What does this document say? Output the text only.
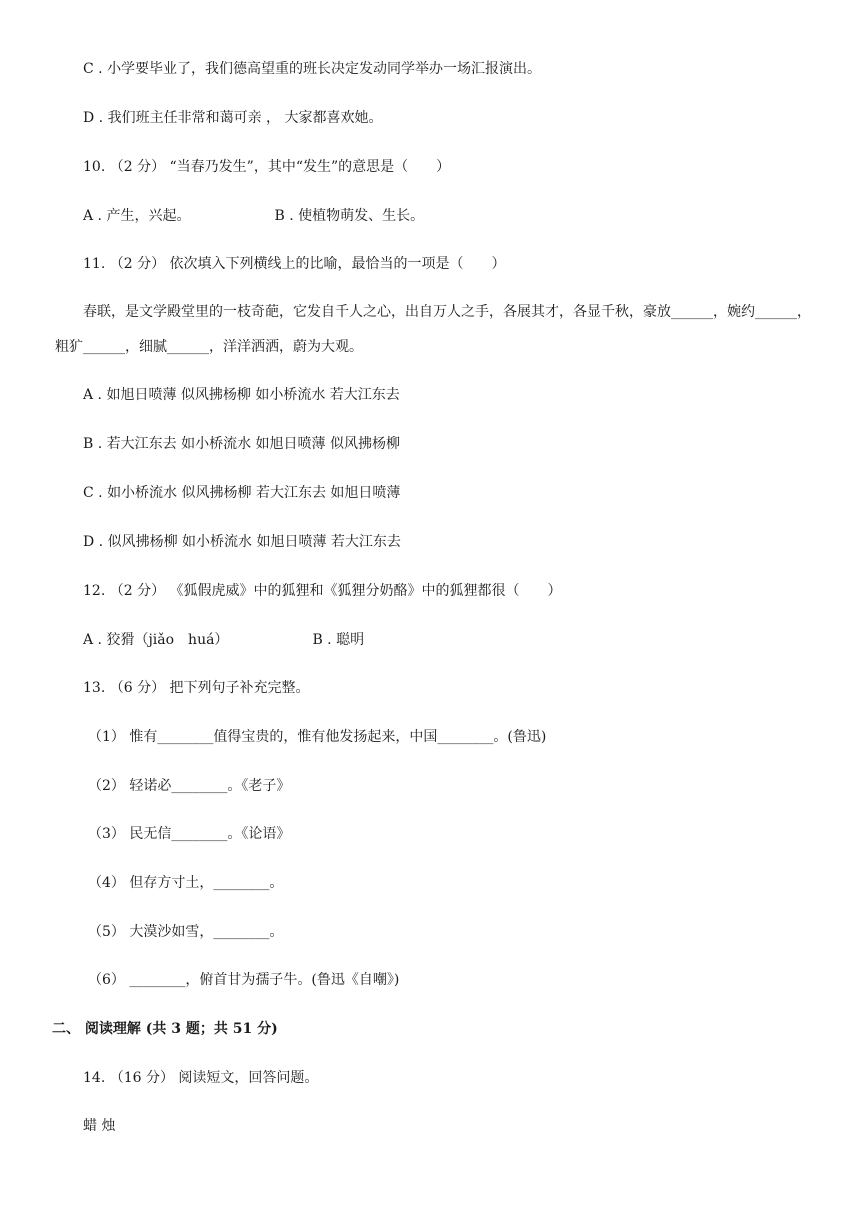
C . 小学要毕业了，我们德高望重的班长决定发动同学举办一场汇报演出。
D . 我们班主任非常和蔼可亲 ， 大家都喜欢她。
10. （2 分） “当春乃发生”，其中“发生”的意思是（　　）
A . 产生，兴起。	B . 使植物萌发、生长。
11. （2 分） 依次填入下列横线上的比喻，最恰当的一项是（　　）
春联，是文学殿堂里的一枝奇葩，它发自千人之心，出自万人之手，各展其才，各显千秋，豪放______，婉约______，粗犷______，细腻______，洋洋洒洒，蔚为大观。
A . 如旭日喷薄 似风拂杨柳 如小桥流水 若大江东去
B . 若大江东去 如小桥流水 如旭日喷薄 似风拂杨柳
C . 如小桥流水 似风拂杨柳 若大江东去 如旭日喷薄
D . 似风拂杨柳 如小桥流水 如旭日喷薄 若大江东去
12. （2 分） 《狐假虎威》中的狐狸和《狐狸分奶酪》中的狐狸都很（　　）
A . 狡猾（jiǎo　huá）	B . 聪明
13. （6 分） 把下列句子补充完整。
（1） 惟有________值得宝贵的，惟有他发扬起来，中国________。(鲁迅)
（2） 轻诺必________。《老子》
（3） 民无信________。《论语》
（4） 但存方寸土，________。
（5） 大漠沙如雪，________。
（6） ________，俯首甘为孺子牛。(鲁迅《自嘲》)
二、 阅读理解 (共 3 题；共 51 分)
14. （16 分） 阅读短文，回答问题。
蜡 烛
